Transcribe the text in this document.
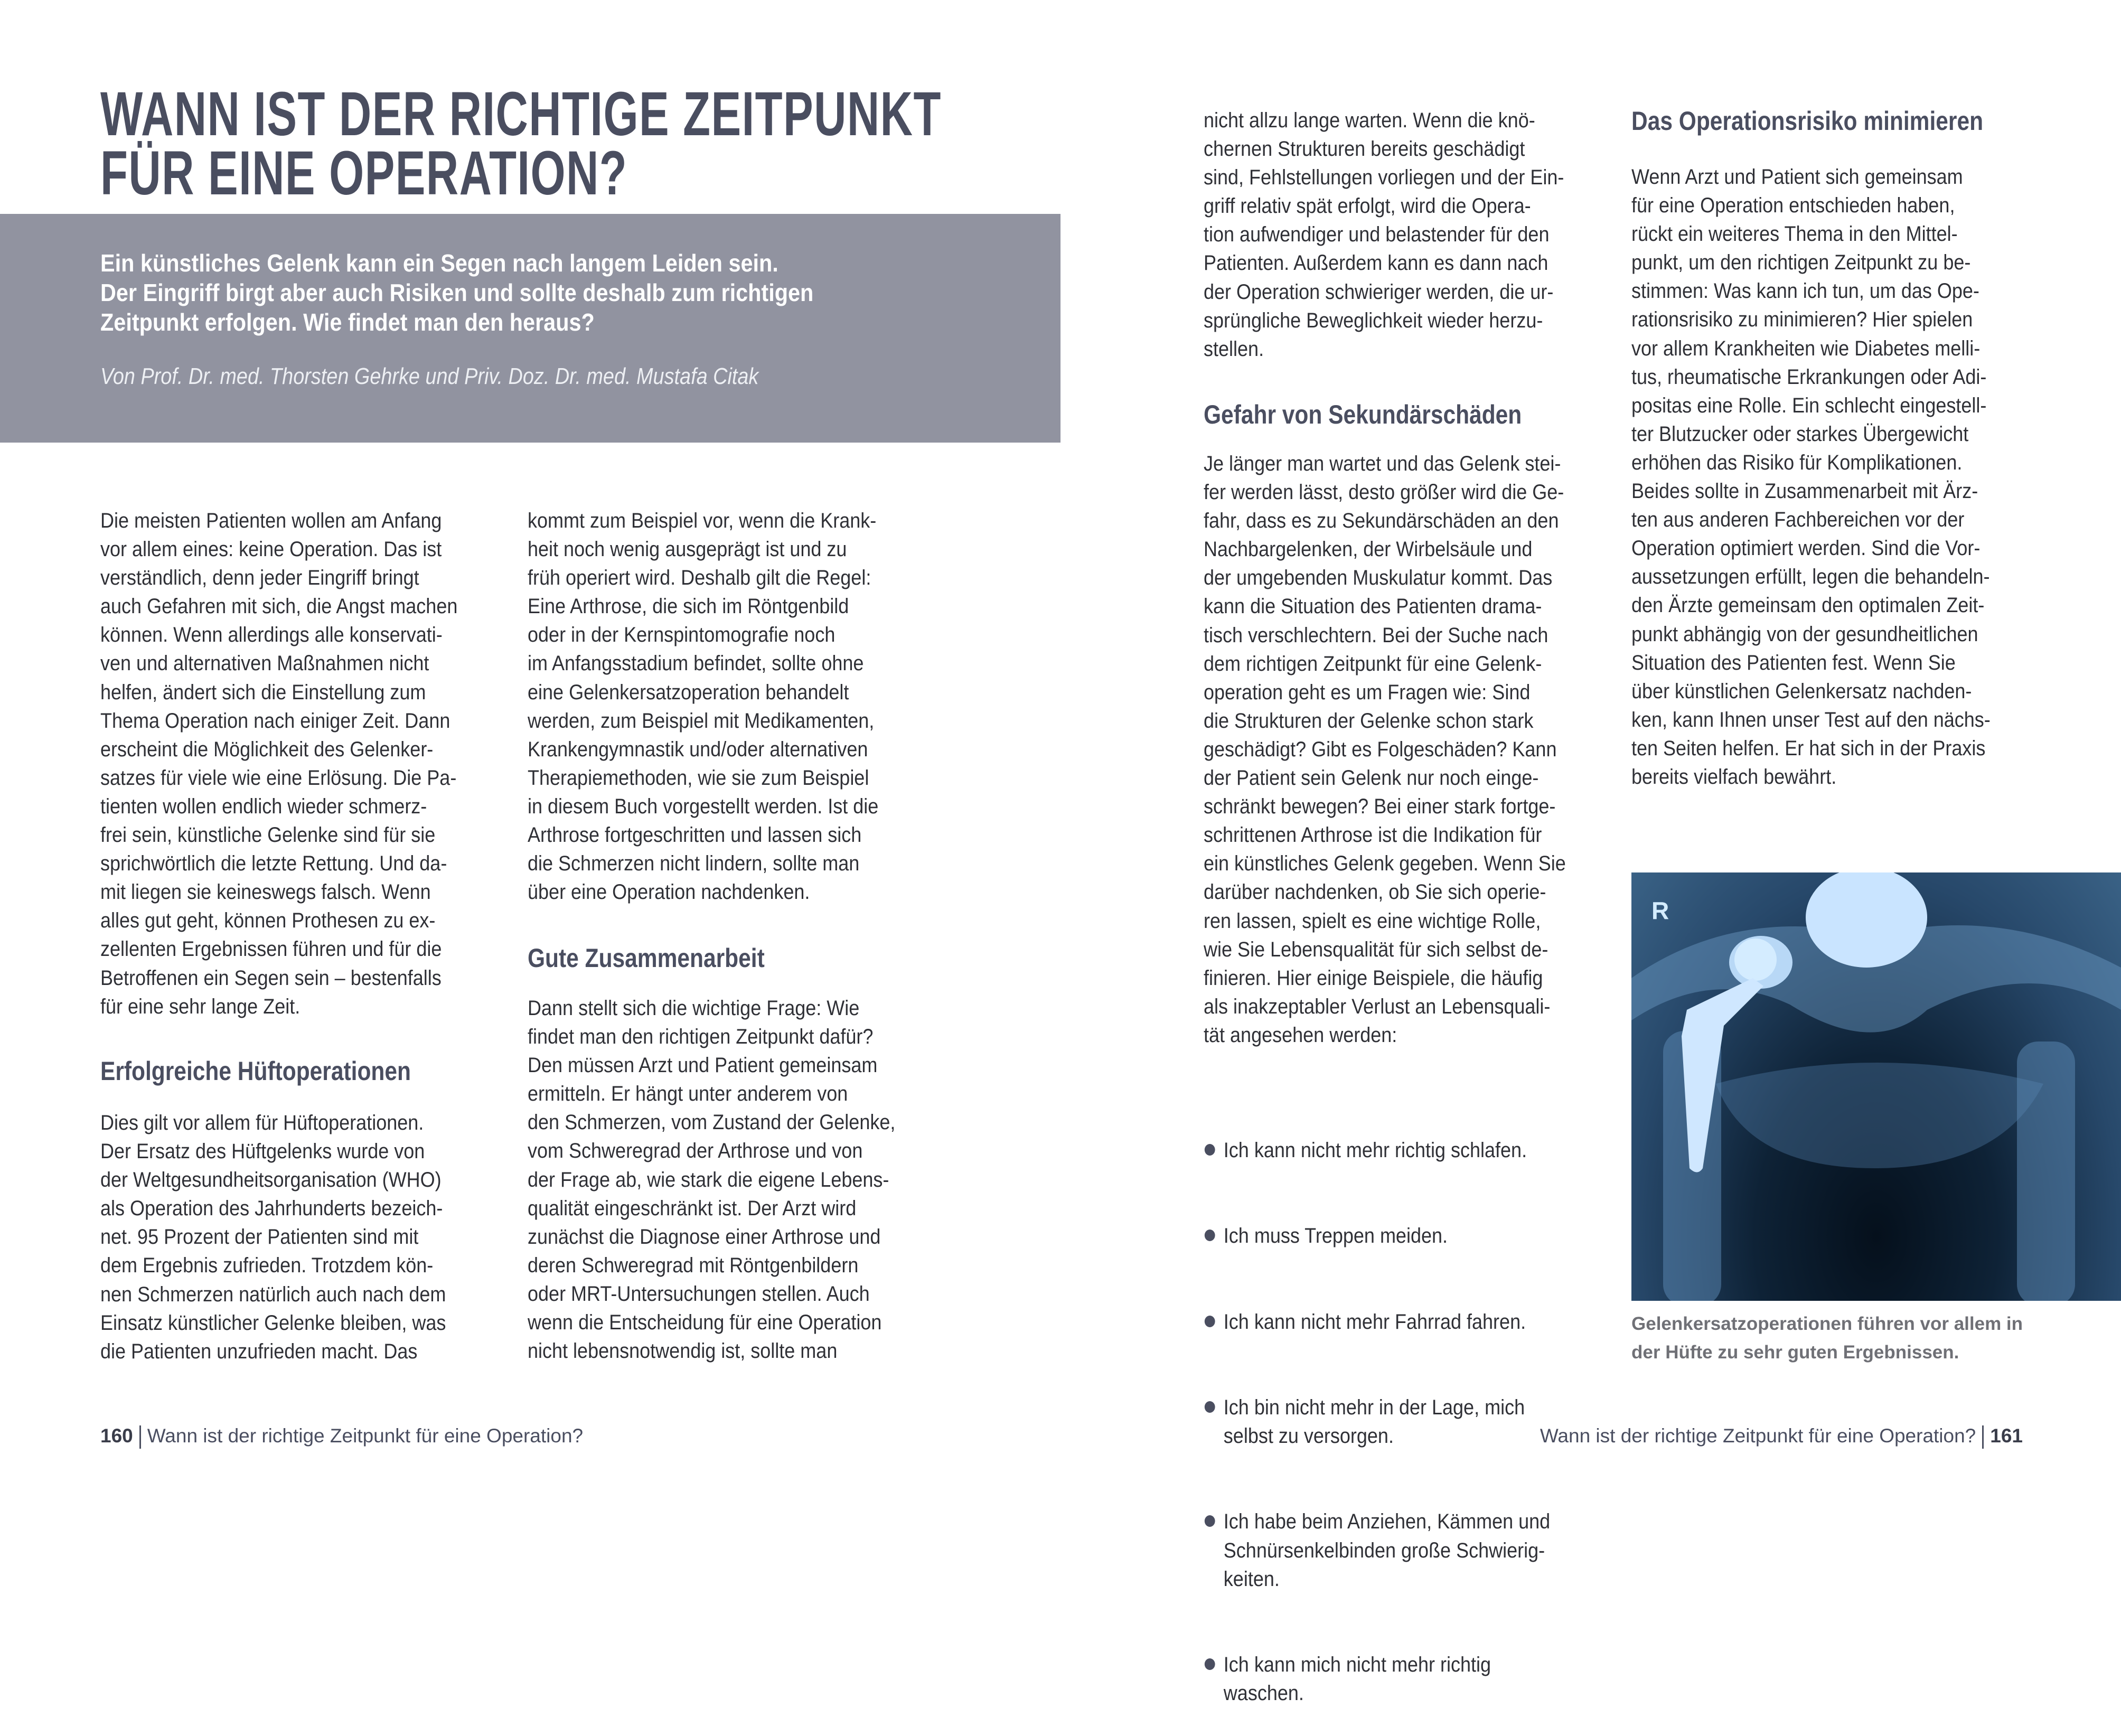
WANN IST DER RICHTIGE ZEITPUNKT
FÜR EINE OPERATION?
Ein künstliches Gelenk kann ein Segen nach langem Leiden sein.
Der Eingriff birgt aber auch Risiken und sollte deshalb zum richtigen
Zeitpunkt erfolgen. Wie findet man den heraus?
Von Prof. Dr. med. Thorsten Gehrke und Priv. Doz. Dr. med. Mustafa Citak
Die meisten Patienten wollen am Anfang
vor allem eines: keine Operation. Das ist
verständlich, denn jeder Eingriff bringt
auch Gefahren mit sich, die Angst machen
können. Wenn allerdings alle konservati-
ven und alternativen Maßnahmen nicht
helfen, ändert sich die Einstellung zum
Thema Operation nach einiger Zeit. Dann
erscheint die Möglichkeit des Gelenker-
satzes für viele wie eine Erlösung. Die Pa-
tienten wollen endlich wieder schmerz-
frei sein, künstliche Gelenke sind für sie
sprichwörtlich die letzte Rettung. Und da-
mit liegen sie keineswegs falsch. Wenn
alles gut geht, können Prothesen zu ex-
zellenten Ergebnissen führen und für die
Betroffenen ein Segen sein – bestenfalls
für eine sehr lange Zeit.
Erfolgreiche Hüftoperationen
Dies gilt vor allem für Hüftoperationen.
Der Ersatz des Hüftgelenks wurde von
der Weltgesundheitsorganisation (WHO)
als Operation des Jahrhunderts bezeich-
net. 95 Prozent der Patienten sind mit
dem Ergebnis zufrieden. Trotzdem kön-
nen Schmerzen natürlich auch nach dem
Einsatz künstlicher Gelenke bleiben, was
die Patienten unzufrieden macht. Das
kommt zum Beispiel vor, wenn die Krank-
heit noch wenig ausgeprägt ist und zu
früh operiert wird. Deshalb gilt die Regel:
Eine Arthrose, die sich im Röntgenbild
oder in der Kernspintomografie noch
im Anfangsstadium befindet, sollte ohne
eine Gelenkersatzoperation behandelt
werden, zum Beispiel mit Medikamenten,
Krankengymnastik und/oder alternativen
Therapiemethoden, wie sie zum Beispiel
in diesem Buch vorgestellt werden. Ist die
Arthrose fortgeschritten und lassen sich
die Schmerzen nicht lindern, sollte man
über eine Operation nachdenken.
Gute Zusammenarbeit
Dann stellt sich die wichtige Frage: Wie
findet man den richtigen Zeitpunkt dafür?
Den müssen Arzt und Patient gemeinsam
ermitteln. Er hängt unter anderem von
den Schmerzen, vom Zustand der Gelenke,
vom Schweregrad der Arthrose und von
der Frage ab, wie stark die eigene Lebens-
qualität eingeschränkt ist. Der Arzt wird
zunächst die Diagnose einer Arthrose und
deren Schweregrad mit Röntgenbildern
oder MRT-Untersuchungen stellen. Auch
wenn die Entscheidung für eine Operation
nicht lebensnotwendig ist, sollte man
nicht allzu lange warten. Wenn die knö-
chernen Strukturen bereits geschädigt
sind, Fehlstellungen vorliegen und der Ein-
griff relativ spät erfolgt, wird die Opera-
tion aufwendiger und belastender für den
Patienten. Außerdem kann es dann nach
der Operation schwieriger werden, die ur-
sprüngliche Beweglichkeit wieder herzu-
stellen.
Gefahr von Sekundärschäden
Je länger man wartet und das Gelenk stei-
fer werden lässt, desto größer wird die Ge-
fahr, dass es zu Sekundärschäden an den
Nachbargelenken, der Wirbelsäule und
der umgebenden Muskulatur kommt. Das
kann die Situation des Patienten drama-
tisch verschlechtern. Bei der Suche nach
dem richtigen Zeitpunkt für eine Gelenk-
operation geht es um Fragen wie: Sind
die Strukturen der Gelenke schon stark
geschädigt? Gibt es Folgeschäden? Kann
der Patient sein Gelenk nur noch einge-
schränkt bewegen? Bei einer stark fortge-
schrittenen Arthrose ist die Indikation für
ein künstliches Gelenk gegeben. Wenn Sie
darüber nachdenken, ob Sie sich operie-
ren lassen, spielt es eine wichtige Rolle,
wie Sie Lebensqualität für sich selbst de-
finieren. Hier einige Beispiele, die häufig
als inakzeptabler Verlust an Lebensquali-
tät angesehen werden:

Ich kann nicht mehr richtig schlafen.

Ich muss Treppen meiden.

Ich kann nicht mehr Fahrrad fahren.

Ich bin nicht mehr in der Lage, mich
selbst zu versorgen.

Ich habe beim Anziehen, Kämmen und
Schnürsenkelbinden große Schwierig-
keiten.

Ich kann mich nicht mehr richtig
waschen.

Das Operationsrisiko minimieren
Wenn Arzt und Patient sich gemeinsam
für eine Operation entschieden haben,
rückt ein weiteres Thema in den Mittel-
punkt, um den richtigen Zeitpunkt zu be-
stimmen: Was kann ich tun, um das Ope-
rationsrisiko zu minimieren? Hier spielen
vor allem Krankheiten wie Diabetes melli-
tus, rheumatische Erkrankungen oder Adi-
positas eine Rolle. Ein schlecht eingestell-
ter Blutzucker oder starkes Übergewicht
erhöhen das Risiko für Komplikationen.
Beides sollte in Zusammenarbeit mit Ärz-
ten aus anderen Fachbereichen vor der
Operation optimiert werden. Sind die Vor-
aussetzungen erfüllt, legen die behandeln-
den Ärzte gemeinsam den optimalen Zeit-
punkt abhängig von der gesundheitlichen
Situation des Patienten fest. Wenn Sie
über künstlichen Gelenkersatz nachden-
ken, kann Ihnen unser Test auf den nächs-
ten Seiten helfen. Er hat sich in der Praxis
bereits vielfach bewährt.
R
Gelenkersatzoperationen führen vor allem in
der Hüfte zu sehr guten Ergebnissen.
160 Wann ist der richtige Zeitpunkt für eine Operation?	Wann ist der richtige Zeitpunkt für eine Operation? 161
